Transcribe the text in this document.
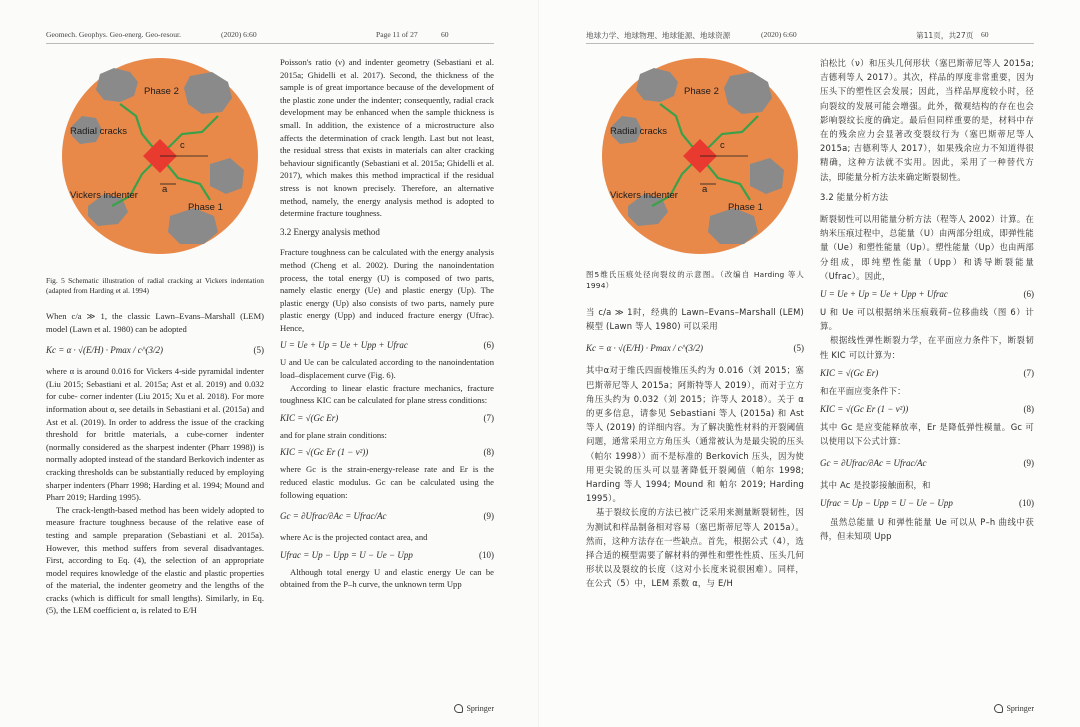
Geomech. Geophys. Geo-energ. Geo-resour.	(2020) 6:60	Page 11 of 27	60
Phase 2
Radial cracks
c
a
Vickers indenter
Phase 1

Fig. 5 Schematic illustration of radial cracking at Vickers indentation (adapted from Harding et al. 1994)

When c/a ≫ 1, the classic Lawn–Evans–Marshall (LEM) model (Lawn et al. 1980) can be adopted

Kc = α · √(E/H) · Pmax / c^(3/2)	(5)

where α is around 0.016 for Vickers 4-side pyramidal indenter (Liu 2015; Sebastiani et al. 2015a; Ast et al. 2019) and 0.032 for cube- corner indenter (Liu 2015; Xu et al. 2018). For more information about α, see details in Sebastiani et al. (2015a) and Ast et al. (2019). In order to address the issue of the cracking threshold for brittle materials, a cube-corner indenter (normally considered as the sharpest indenter (Pharr 1998)) is normally adopted instead of the standard Berkovich indenter as cracking thresholds can be substantially reduced by employing sharper indenters (Pharr 1998; Harding et al. 1994; Mound and Pharr 2019; Harding 1995).

The crack-length-based method has been widely adopted to measure fracture toughness because of the relative ease of testing and sample preparation (Sebastiani et al. 2015a). However, this method suffers from several disadvantages. First, according to Eq. (4), the selection of an appropriate model requires knowledge of the elastic and plastic properties of the material, the indenter geometry and the lengths of the cracks (which is difficult for small lengths). Similarly, in Eq. (5), the LEM coefficient α, is related to E/H

Poisson's ratio (ν) and indenter geometry (Sebastiani et al. 2015a; Ghidelli et al. 2017). Second, the thickness of the sample is of great importance because of the development of the plastic zone under the indenter; consequently, radial crack development may be enhanced when the sample thickness is small. In addition, the existence of a microstructure also affects the determination of crack length. Last but not least, the residual stress that exists in materials can alter cracking behaviour significantly (Sebastiani et al. 2015a; Ghidelli et al. 2017), which makes this method impractical if the residual stress is not known precisely. Therefore, an alternative method, namely, the energy analysis method is adopted to determine fracture toughness.

3.2 Energy analysis method

Fracture toughness can be calculated with the energy analysis method (Cheng et al. 2002). During the nanoindentation process, the total energy (U) is composed of two parts, namely elastic energy (Ue) and plastic energy (Up). The plastic energy (Up) also consists of two parts, namely pure plastic energy (Upp) and induced fracture energy (Ufrac). Hence,

U = Ue + Up = Ue + Upp + Ufrac	(6)

U and Ue can be calculated according to the nanoindentation load–displacement curve (Fig. 6).

According to linear elastic fracture mechanics, fracture toughness KIC can be calculated for plane stress conditions:

KIC = √(Gc Er)	(7)

and for plane strain conditions:

KIC = √(Gc Er (1 − ν²))	(8)

where Gc is the strain-energy-release rate and Er is the reduced elastic modulus. Gc can be calculated using the following equation:

Gc = ∂Ufrac/∂Ac = Ufrac/Ac	(9)

where Ac is the projected contact area, and

Ufrac = Up − Upp = U − Ue − Upp	(10)

Although total energy U and elastic energy Ue can be obtained from the P–h curve, the unknown term Upp

Springer
地球力学、地球物理、地球能源、地球资源	(2020) 6:60	第11页，共27页 60
Phase 2
Radial cracks
c
a
Vickers indenter
Phase 1

图5维氏压痕处径向裂纹的示意图。（改编自 Harding 等人 1994）

当 c/a ≫ 1时，经典的 Lawn–Evans–Marshall (LEM) 模型 (Lawn 等人 1980) 可以采用

Kc = α · √(E/H) · Pmax / c^(3/2)	(5)

其中α对于维氏四面棱锥压头约为 0.016（刘 2015；塞巴斯蒂尼等人 2015a；阿斯特等人 2019），而对于立方角压头约为 0.032（刘 2015；许等人 2018）。关于 α 的更多信息，请参见 Sebastiani 等人 (2015a) 和 Ast 等人 (2019) 的详细内容。为了解决脆性材料的开裂阈值问题，通常采用立方角压头（通常被认为是最尖锐的压头（帕尔 1998））而不是标准的 Berkovich 压头，因为使用更尖锐的压头可以显著降低开裂阈值（帕尔 1998; Harding 等人 1994; Mound 和 帕尔 2019; Harding 1995）。

基于裂纹长度的方法已被广泛采用来测量断裂韧性，因为测试和样品制备相对容易（塞巴斯蒂尼等人 2015a）。然而，这种方法存在一些缺点。首先，根据公式（4），选择合适的模型需要了解材料的弹性和塑性性质、压头几何形状以及裂纹的长度（这对小长度来说很困难）。同样，在公式（5）中，LEM 系数 α，与 E/H

泊松比（ν）和压头几何形状（塞巴斯蒂尼等人 2015a; 吉德利等人 2017）。其次，样品的厚度非常重要，因为压头下的塑性区会发展；因此，当样品厚度较小时，径向裂纹的发展可能会增强。此外，微观结构的存在也会影响裂纹长度的确定。最后但同样重要的是，材料中存在的残余应力会显著改变裂纹行为（塞巴斯蒂尼等人 2015a; 吉德利等人 2017），如果残余应力不知道得很精确，这种方法就不实用。因此，采用了一种替代方法，即能量分析方法来确定断裂韧性。

3.2 能量分析方法

断裂韧性可以用能量分析方法（程等人 2002）计算。在纳米压痕过程中，总能量（U）由两部分组成，即弹性能量（Ue）和塑性能量（Up）。塑性能量（Up）也由两部分组成，即纯塑性能量（Upp）和诱导断裂能量（Ufrac）。因此，

U = Ue + Up = Ue + Upp + Ufrac	(6)

U 和 Ue 可以根据纳米压痕载荷–位移曲线（图 6）计算。

根据线性弹性断裂力学，在平面应力条件下，断裂韧性 KIC 可以计算为：

KIC = √(Gc Er)	(7)

和在平面应变条件下：

KIC = √(Gc Er (1 − ν²))	(8)

其中 Gc 是应变能释放率，Er 是降低弹性模量。Gc 可以使用以下公式计算：

Gc = ∂Ufrac/∂Ac = Ufrac/Ac	(9)

其中 Ac 是投影接触面积，和

Ufrac = Up − Upp = U − Ue − Upp	(10)

虽然总能量 U 和弹性能量 Ue 可以从 P–h 曲线中获得，但未知项 Upp

Springer
